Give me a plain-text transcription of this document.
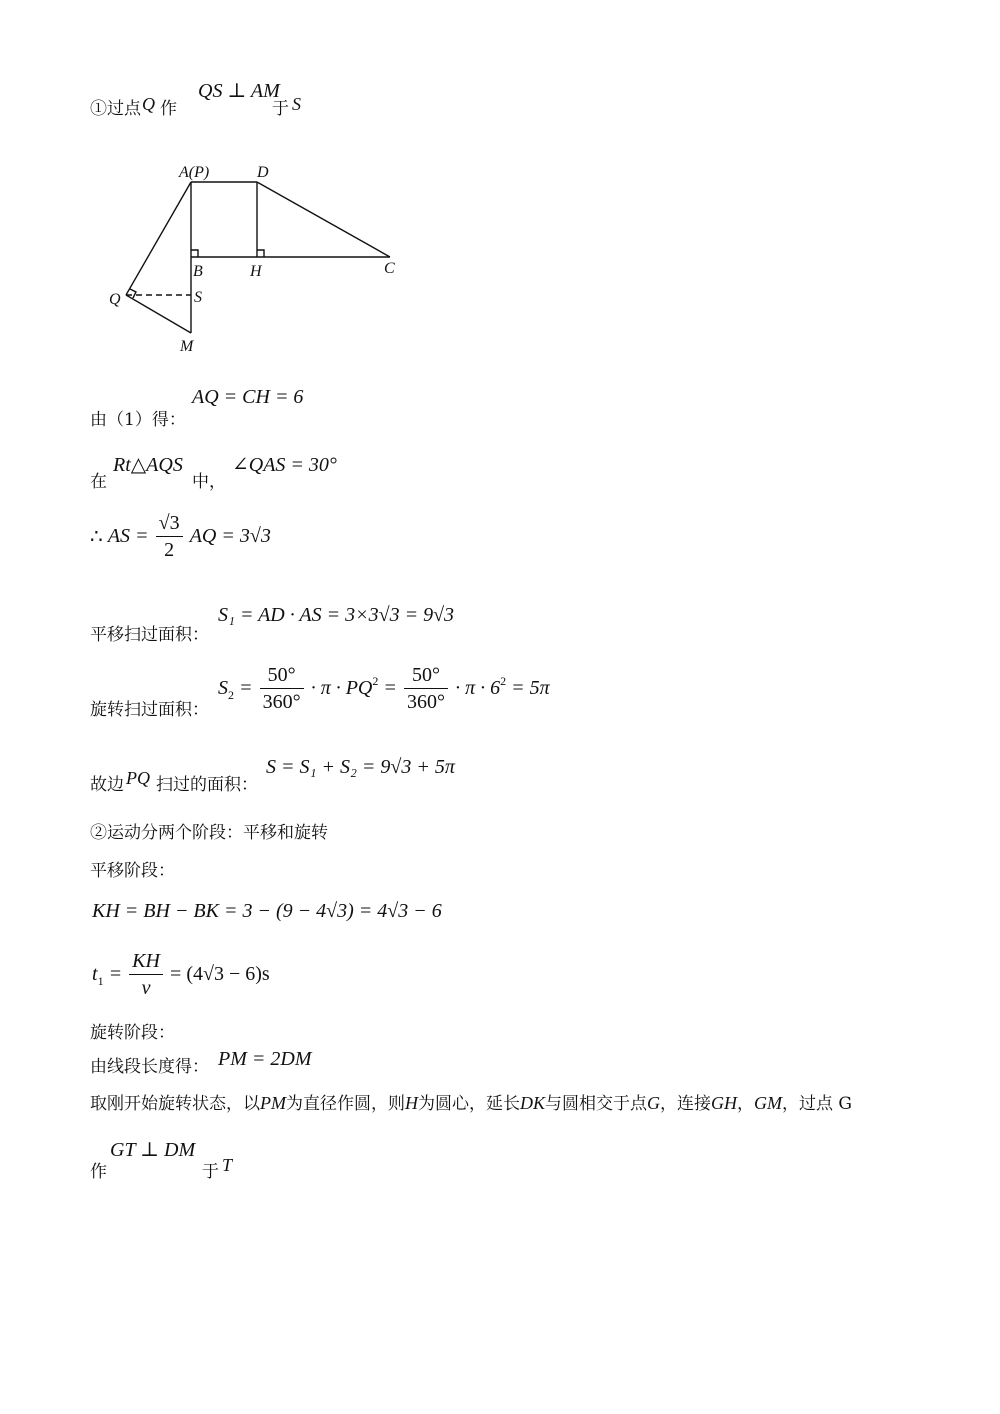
①过点 Q 作
QS ⊥ AM
于 S
A(P)	D
B	H	C
Q	S
M
由（1）得：
AQ = CH = 6
在
Rt△AQS
中，
∠QAS = 30°
∴ AS = $\frac{√3}{2}$ AQ = 3√3
平移扫过面积：
S₁ = AD · AS = 3×3√3 = 9√3
旋转扫过面积：
$S_2 = \frac{50^\circ}{360^\circ} \cdot \pi \cdot PQ^2 = \frac{50^\circ}{360^\circ} \cdot \pi \cdot 6^2 = 5\pi$
故边 PQ 扫过的面积：
S = S₁ + S₂ = 9√3 + 5π
②运动分两个阶段：平移和旋转
平移阶段：
KH = BH − BK = 3 − (9 − 4√3) = 4√3 − 6
$t_1 = \frac{KH}{v} = (4√3 - 6)s$
旋转阶段：
由线段长度得： PM = 2DM
取刚开始旋转状态，以PM为直径作圆，则H为圆心，延长DK与圆相交于点G，连接GH，GM，过点 G
作
GT ⊥ DM
于 T
